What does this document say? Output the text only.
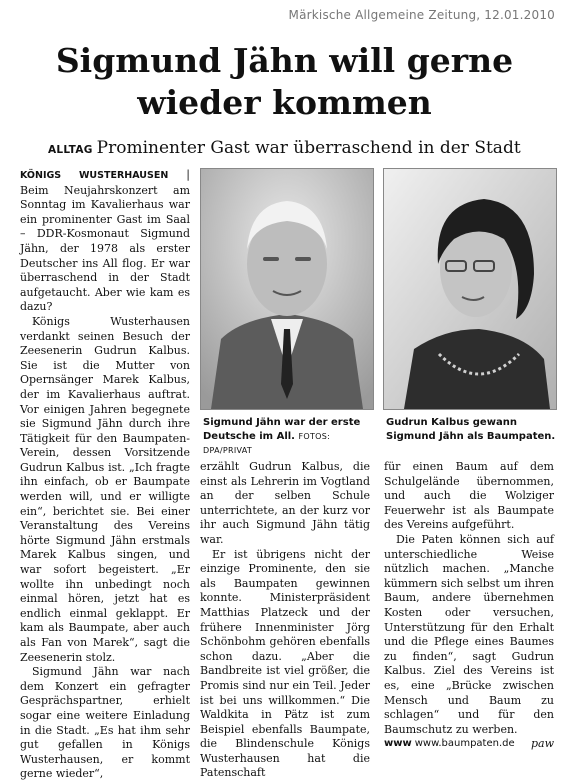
Märkische Allgemeine Zeitung, 12.01.2010
Sigmund Jähn will gerne
wieder kommen
ALLTAG Prominenter Gast war überraschend in der Stadt

KÖNIGS WUSTERHAUSEN | Beim Neujahrskonzert am Sonntag im Kavalierhaus war ein prominenter Gast im Saal – DDR-Kosmonaut Sigmund Jähn, der 1978 als erster Deutscher ins All flog. Er war überraschend in der Stadt aufgetaucht. Aber wie kam es dazu?

Königs Wusterhausen verdankt seinen Besuch der Zeesenerin Gudrun Kalbus. Sie ist die Mutter von Opernsänger Marek Kalbus, der im Kavalierhaus auftrat. Vor einigen Jahren begegnete sie Sigmund Jähn durch ihre Tätigkeit für den Baumpaten-Verein, dessen Vorsitzende Gudrun Kalbus ist. „Ich fragte ihn einfach, ob er Baumpate werden will, und er willigte ein“, berichtet sie. Bei einer Veranstaltung des Vereins hörte Sigmund Jähn erstmals Marek Kalbus singen, und war sofort begeistert. „Er wollte ihn unbedingt noch einmal hören, jetzt hat es endlich einmal geklappt. Er kam als Baumpate, aber auch als Fan von Marek“, sagt die Zeesenerin stolz.

Sigmund Jähn war nach dem Konzert ein gefragter Gesprächspartner, erhielt sogar eine weitere Einladung in die Stadt. „Es hat ihm sehr gut gefallen in Königs Wusterhausen, er kommt gerne wieder“,

Sigmund Jähn war der erste Deutsche im All. FOTOS: DPA/PRIVAT
Gudrun Kalbus gewann Sigmund Jähn als Baumpaten.

erzählt Gudrun Kalbus, die einst als Lehrerin im Vogtland an der selben Schule unterrichtete, an der kurz vor ihr auch Sigmund Jähn tätig war.

Er ist übrigens nicht der einzige Prominente, den sie als Baumpaten gewinnen konnte. Ministerpräsident Matthias Platzeck und der frühere Innenminister Jörg Schönbohm gehören ebenfalls schon dazu. „Aber die Bandbreite ist viel größer, die Promis sind nur ein Teil. Jeder ist bei uns willkommen.“ Die Waldkita in Pätz ist zum Beispiel ebenfalls Baumpate, die Blindenschule Königs Wusterhausen hat die Patenschaft

für einen Baum auf dem Schulgelände übernommen, und auch die Wolziger Feuerwehr ist als Baumpate des Vereins aufgeführt.

Die Paten können sich auf unterschiedliche Weise nützlich machen. „Manche kümmern sich selbst um ihren Baum, andere übernehmen Kosten oder versuchen, Unterstützung für den Erhalt und die Pflege eines Baumes zu finden“, sagt Gudrun Kalbus. Ziel des Vereins ist es, eine „Brücke zwischen Mensch und Baum zu schlagen“ und für den Baumschutz zu werben.

paw
www www.baumpaten.de
